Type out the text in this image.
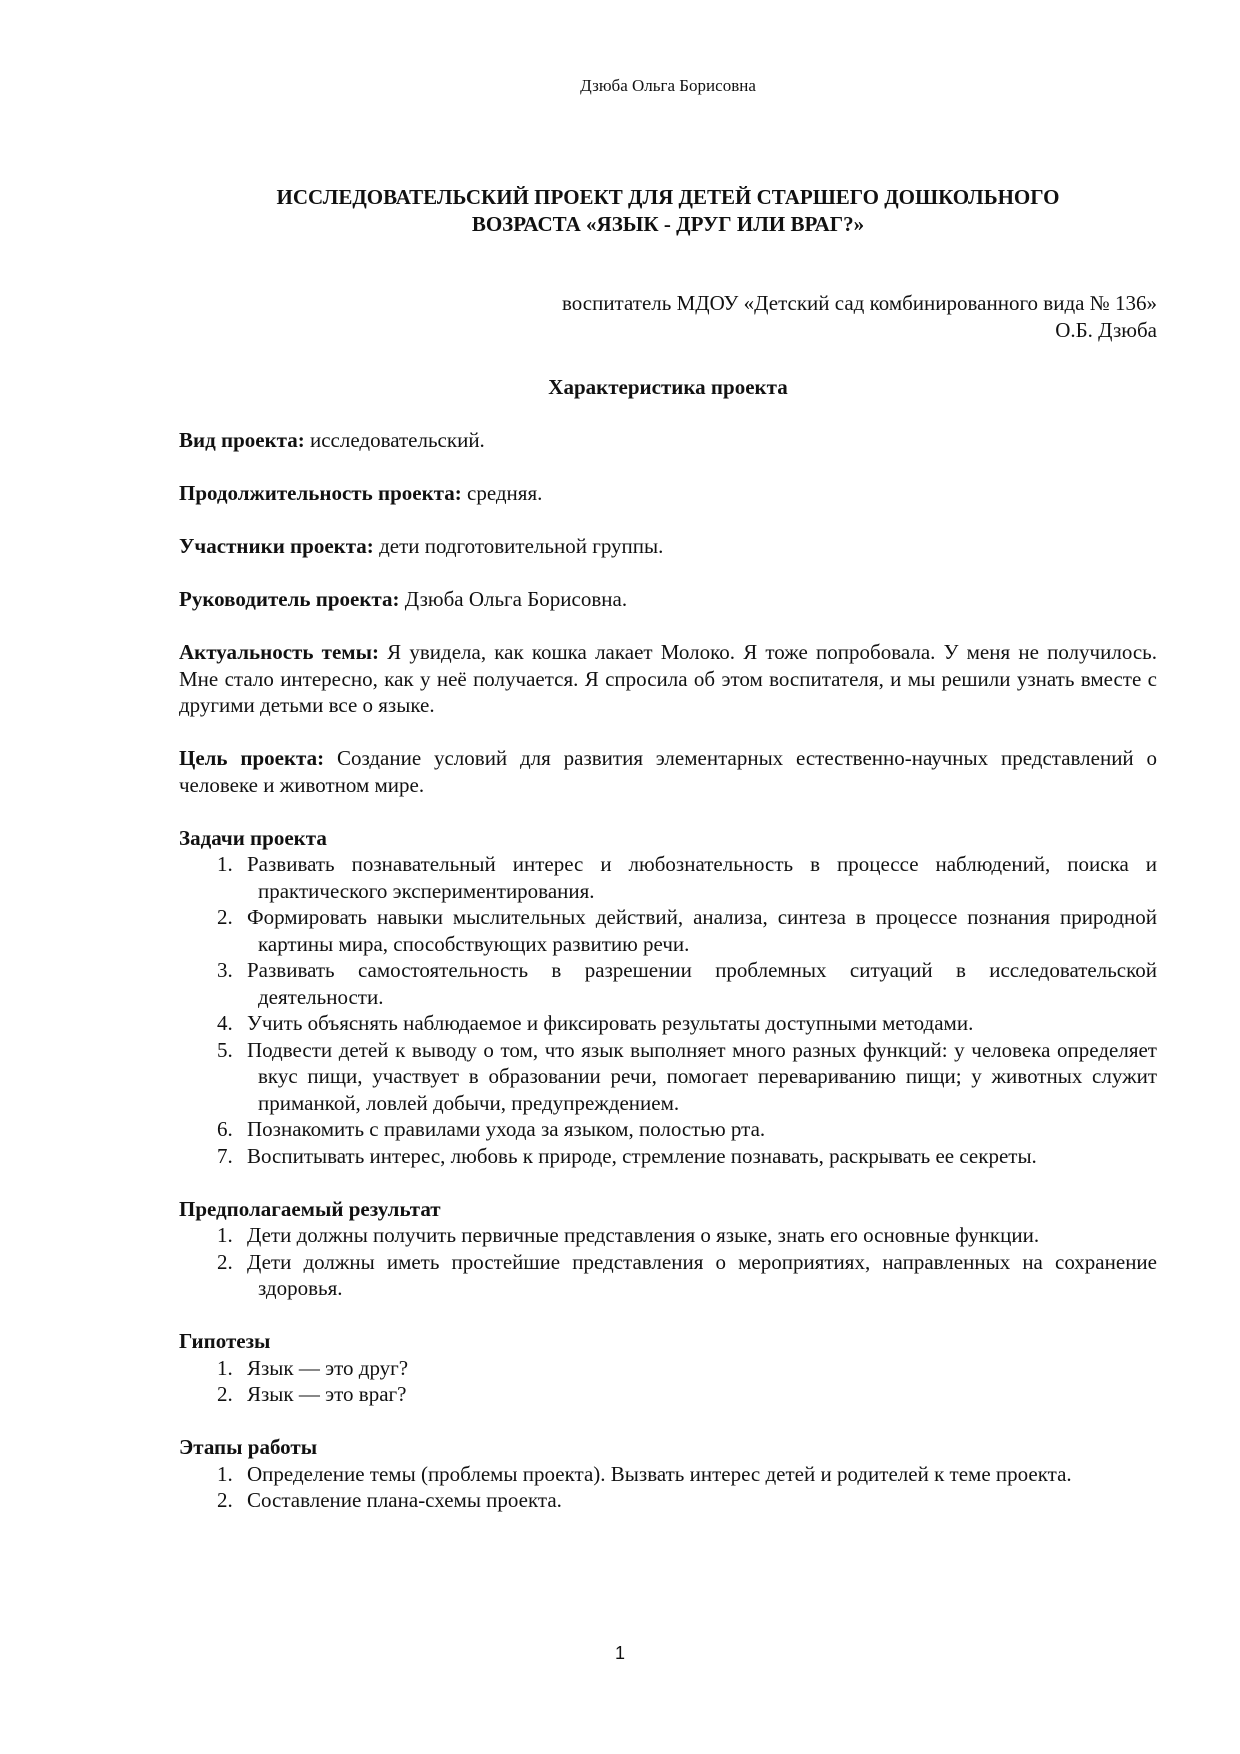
Дзюба Ольга Борисовна
ИССЛЕДОВАТЕЛЬСКИЙ ПРОЕКТ ДЛЯ ДЕТЕЙ СТАРШЕГО ДОШКОЛЬНОГО
ВОЗРАСТА «ЯЗЫК - ДРУГ ИЛИ ВРАГ?»
воспитатель МДОУ «Детский сад комбинированного вида № 136»
О.Б. Дзюба
Характеристика проекта

Вид проекта: исследовательский.

Продолжительность проекта: средняя.

Участники проекта: дети подготовительной группы.

Руководитель проекта: Дзюба Ольга Борисовна.

Актуальность темы: Я увидела, как кошка лакает Молоко. Я тоже попробовала. У меня не получилось. Мне стало интересно, как у неё получается. Я спросила об этом воспитателя, и мы решили узнать вместе с другими детьми все о языке.

Цель проекта: Создание условий для развития элементарных естественно-научных представлений о человеке и животном мире.

Задачи проекта
1. Развивать познавательный интерес и любознательность в процессе наблюдений, поиска и практического экспериментирования.
2. Формировать навыки мыслительных действий, анализа, синтеза в процессе познания природной картины мира, способствующих развитию речи.
3. Развивать самостоятельность в разрешении проблемных ситуаций в исследовательской деятельности.
4. Учить объяснять наблюдаемое и фиксировать результаты доступными методами.
5. Подвести детей к выводу о том, что язык выполняет много разных функций: у человека определяет вкус пищи, участвует в образовании речи, помогает перевариванию пищи; у животных служит приманкой, ловлей добычи, предупреждением.
6. Познакомить с правилами ухода за языком, полостью рта.
7. Воспитывать интерес, любовь к природе, стремление познавать, раскрывать ее секреты.
Предполагаемый результат
1. Дети должны получить первичные представления о языке, знать его основные функции.
2. Дети должны иметь простейшие представления о мероприятиях, направленных на сохранение здоровья.
Гипотезы
1. Язык — это друг?
2. Язык — это враг?
Этапы работы
1. Определение темы (проблемы проекта). Вызвать интерес детей и родителей к теме проекта.
2. Составление плана-схемы проекта.
1
